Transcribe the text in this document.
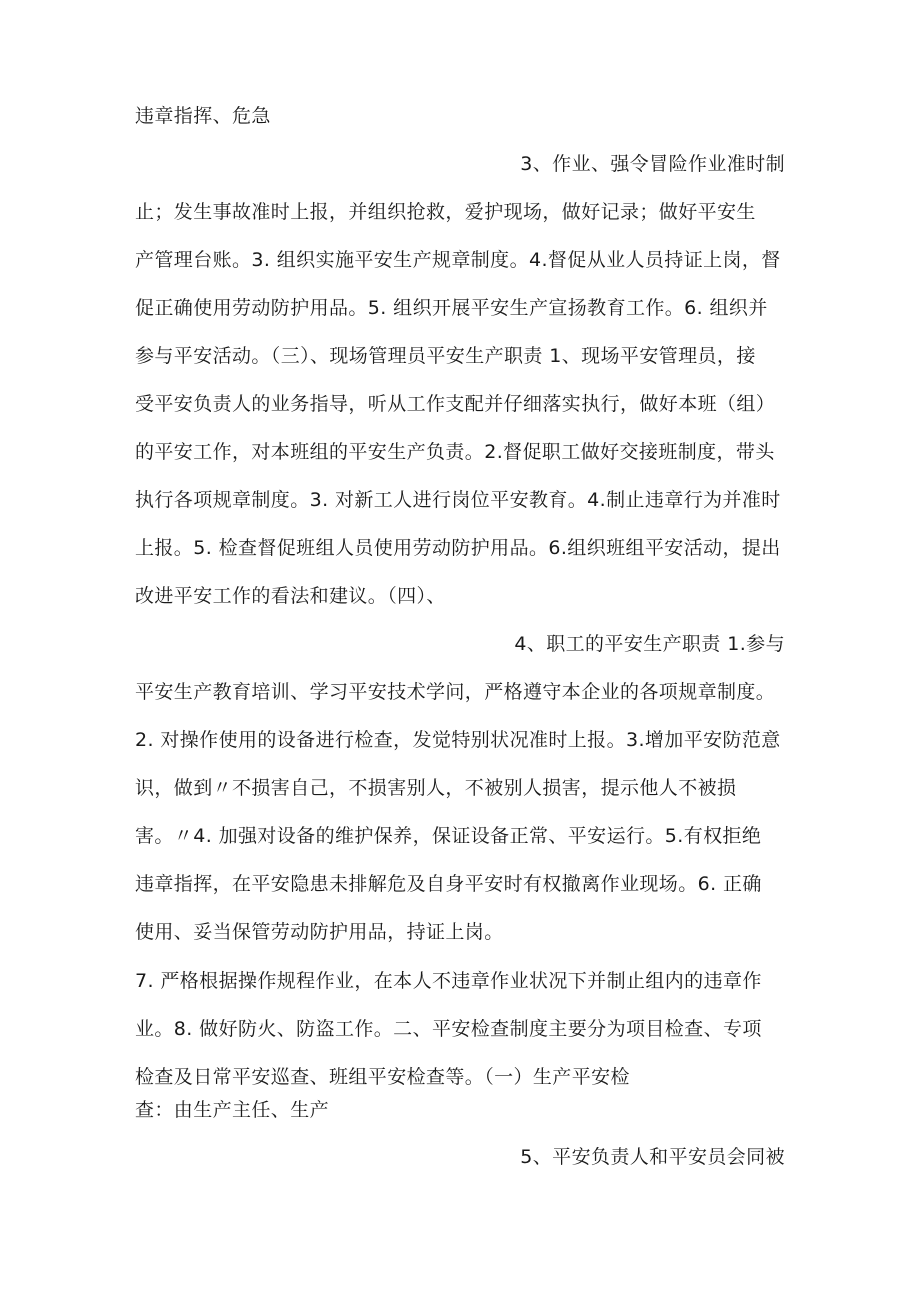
违章指挥、危急
3、作业、强令冒险作业准时制
止；发生事故准时上报，并组织抢救，爱护现场，做好记录；做好平安生
产管理台账。3. 组织实施平安生产规章制度。4.督促从业人员持证上岗，督
促正确使用劳动防护用品。5. 组织开展平安生产宣扬教育工作。6. 组织并
参与平安活动。（三）、现场管理员平安生产职责 1、现场平安管理员，接
受平安负责人的业务指导，听从工作支配并仔细落实执行，做好本班（组）
的平安工作，对本班组的平安生产负责。2.督促职工做好交接班制度，带头
执行各项规章制度。3. 对新工人进行岗位平安教育。4.制止违章行为并准时
上报。5. 检查督促班组人员使用劳动防护用品。6.组织班组平安活动，提出
改进平安工作的看法和建议。（四）、
4、职工的平安生产职责 1.参与
平安生产教育培训、学习平安技术学问，严格遵守本企业的各项规章制度。
2. 对操作使用的设备进行检查，发觉特别状况准时上报。3.增加平安防范意
识，做到〃不损害自己，不损害别人，不被别人损害，提示他人不被损
害。〃4. 加强对设备的维护保养，保证设备正常、平安运行。5.有权拒绝
违章指挥，在平安隐患未排解危及自身平安时有权撤离作业现场。6. 正确
使用、妥当保管劳动防护用品，持证上岗。
7. 严格根据操作规程作业，在本人不违章作业状况下并制止组内的违章作
业。8. 做好防火、防盗工作。二、平安检查制度主要分为项目检查、专项
检查及日常平安巡查、班组平安检查等。（一）生产平安检
查：由生产主任、生产
5、平安负责人和平安员会同被
